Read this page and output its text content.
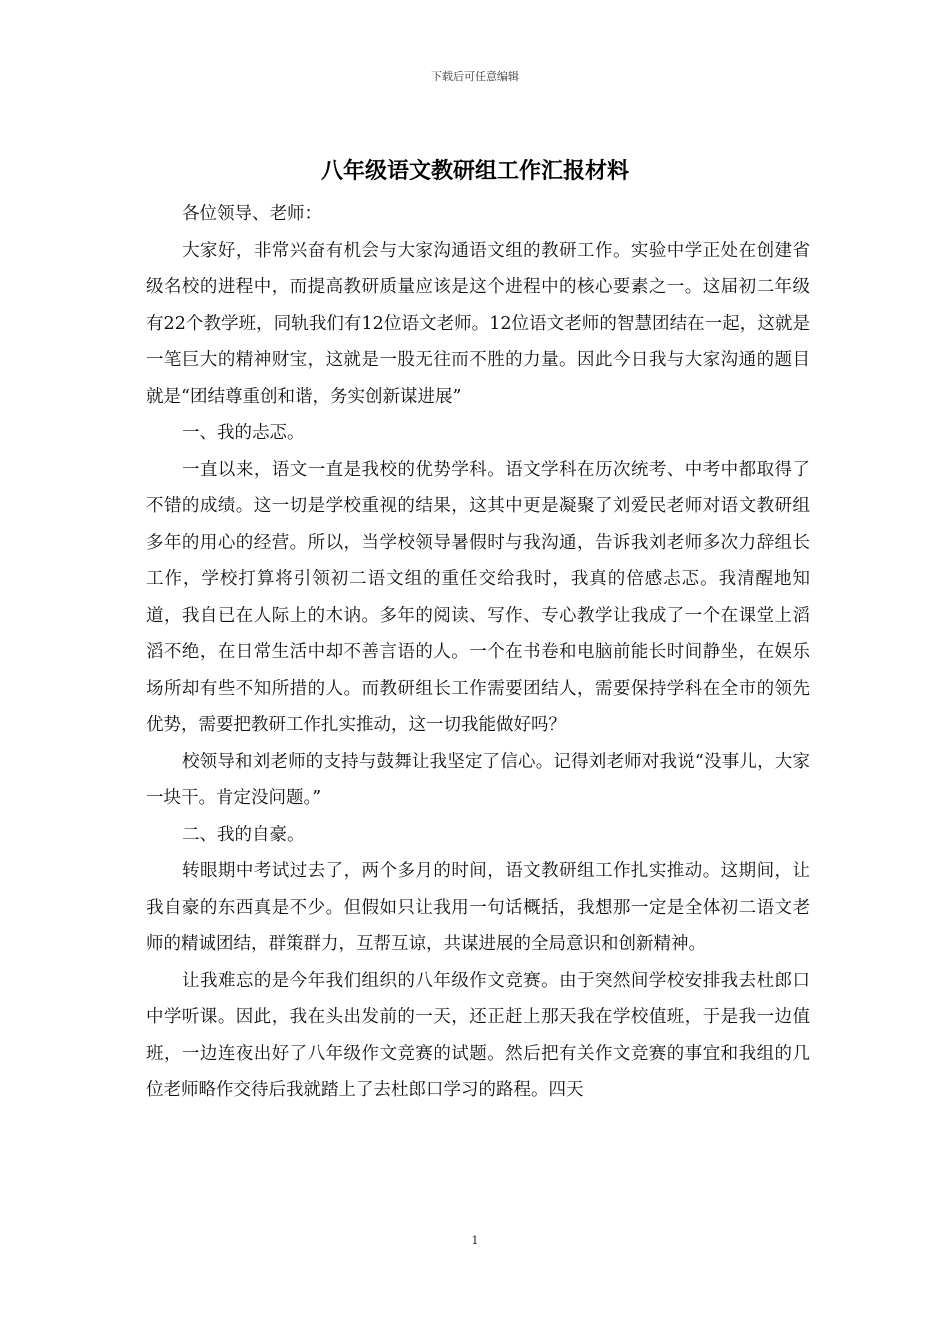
下载后可任意编辑
八年级语文教研组工作汇报材料

各位领导、老师：

大家好，非常兴奋有机会与大家沟通语文组的教研工作。实验中学正处在创建省级名校的进程中，而提高教研质量应该是这个进程中的核心要素之一。这届初二年级有22个教学班，同轨我们有12位语文老师。12位语文老师的智慧团结在一起，这就是一笔巨大的精神财宝，这就是一股无往而不胜的力量。因此今日我与大家沟通的题目就是“团结尊重创和谐，务实创新谋进展”

一、我的忐忑。

一直以来，语文一直是我校的优势学科。语文学科在历次统考、中考中都取得了不错的成绩。这一切是学校重视的结果，这其中更是凝聚了刘爱民老师对语文教研组多年的用心的经营。所以，当学校领导暑假时与我沟通，告诉我刘老师多次力辞组长工作，学校打算将引领初二语文组的重任交给我时，我真的倍感忐忑。我清醒地知道，我自已在人际上的木讷。多年的阅读、写作、专心教学让我成了一个在课堂上滔滔不绝，在日常生活中却不善言语的人。一个在书卷和电脑前能长时间静坐，在娱乐场所却有些不知所措的人。而教研组长工作需要团结人，需要保持学科在全市的领先优势，需要把教研工作扎实推动，这一切我能做好吗？

校领导和刘老师的支持与鼓舞让我坚定了信心。记得刘老师对我说“没事儿，大家一块干。肯定没问题。”

二、我的自豪。

转眼期中考试过去了，两个多月的时间，语文教研组工作扎实推动。这期间，让我自豪的东西真是不少。但假如只让我用一句话概括，我想那一定是全体初二语文老师的精诚团结，群策群力，互帮互谅，共谋进展的全局意识和创新精神。

让我难忘的是今年我们组织的八年级作文竞赛。由于突然间学校安排我去杜郎口中学听课。因此，我在头出发前的一天，还正赶上那天我在学校值班，于是我一边值班，一边连夜出好了八年级作文竞赛的试题。然后把有关作文竞赛的事宜和我组的几位老师略作交待后我就踏上了去杜郎口学习的路程。四天

1
